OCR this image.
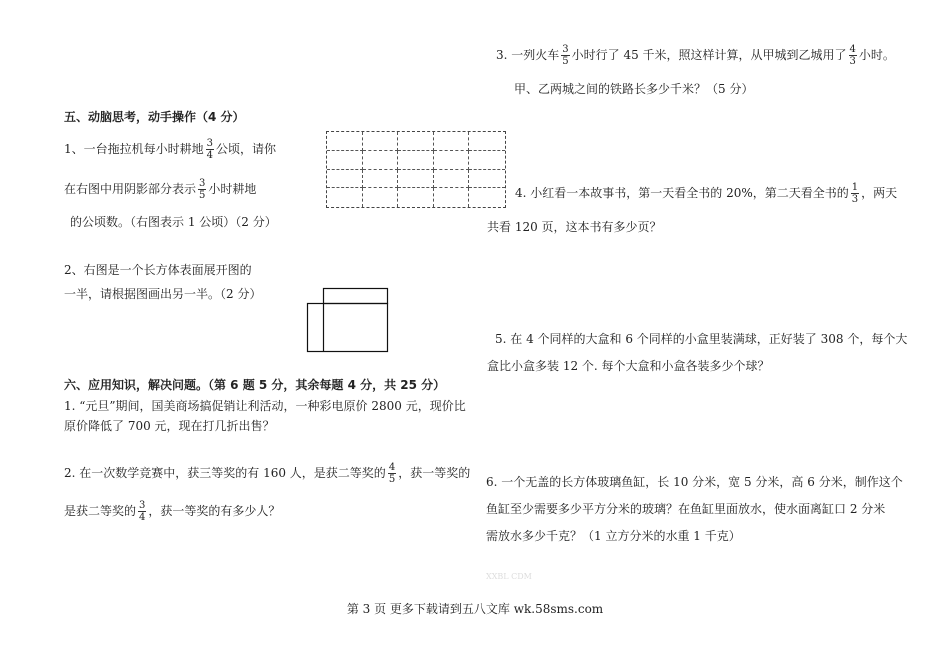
3. 一列火车 $\frac{3}{5}$ 小时行了 45 千米，照这样计算，从甲城到乙城用了 $\frac{4}{3}$ 小时。
甲、乙两城之间的铁路长多少千米？（5 分）
4. 小红看一本故事书，第一天看全书的 20%，第二天看全书的 $\frac{1}{3}$ ，两天
共看 120 页，这本书有多少页？
5. 在 4 个同样的大盒和 6 个同样的小盒里装满球，正好装了 308 个，每个大
盒比小盒多装 12 个. 每个大盒和小盒各装多少个球？
6. 一个无盖的长方体玻璃鱼缸，长 10 分米，宽 5 分米，高 6 分米，制作这个
鱼缸至少需要多少平方分米的玻璃？在鱼缸里面放水，使水面离缸口 2 分米
需放水多少千克？（1 立方分米的水重 1 千克）
XXBL CDM
五、动脑思考，动手操作（4 分）
1、一台拖拉机每小时耕地 $\frac{3}{4}$ 公顷，请你
在右图中用阴影部分表示 $\frac{3}{5}$ 小时耕地
的公顷数。（右图表示 1 公顷）（2 分）
2、右图是一个长方体表面展开图的
一半，请根据图画出另一半。（2 分）
六、应用知识，解决问题。（第 6 题 5 分，其余每题 4 分，共 25 分）
1. “元旦”期间，国美商场搞促销让利活动，一种彩电原价 2800 元，现价比
原价降低了 700 元，现在打几折出售？
2. 在一次数学竞赛中，获三等奖的有 160 人，是获二等奖的 $\frac{4}{5}$ ，获一等奖的
是获二等奖的 $\frac{3}{4}$ ，获一等奖的有多少人？
第 3 页 更多下载请到五八文库 wk.58sms.com
